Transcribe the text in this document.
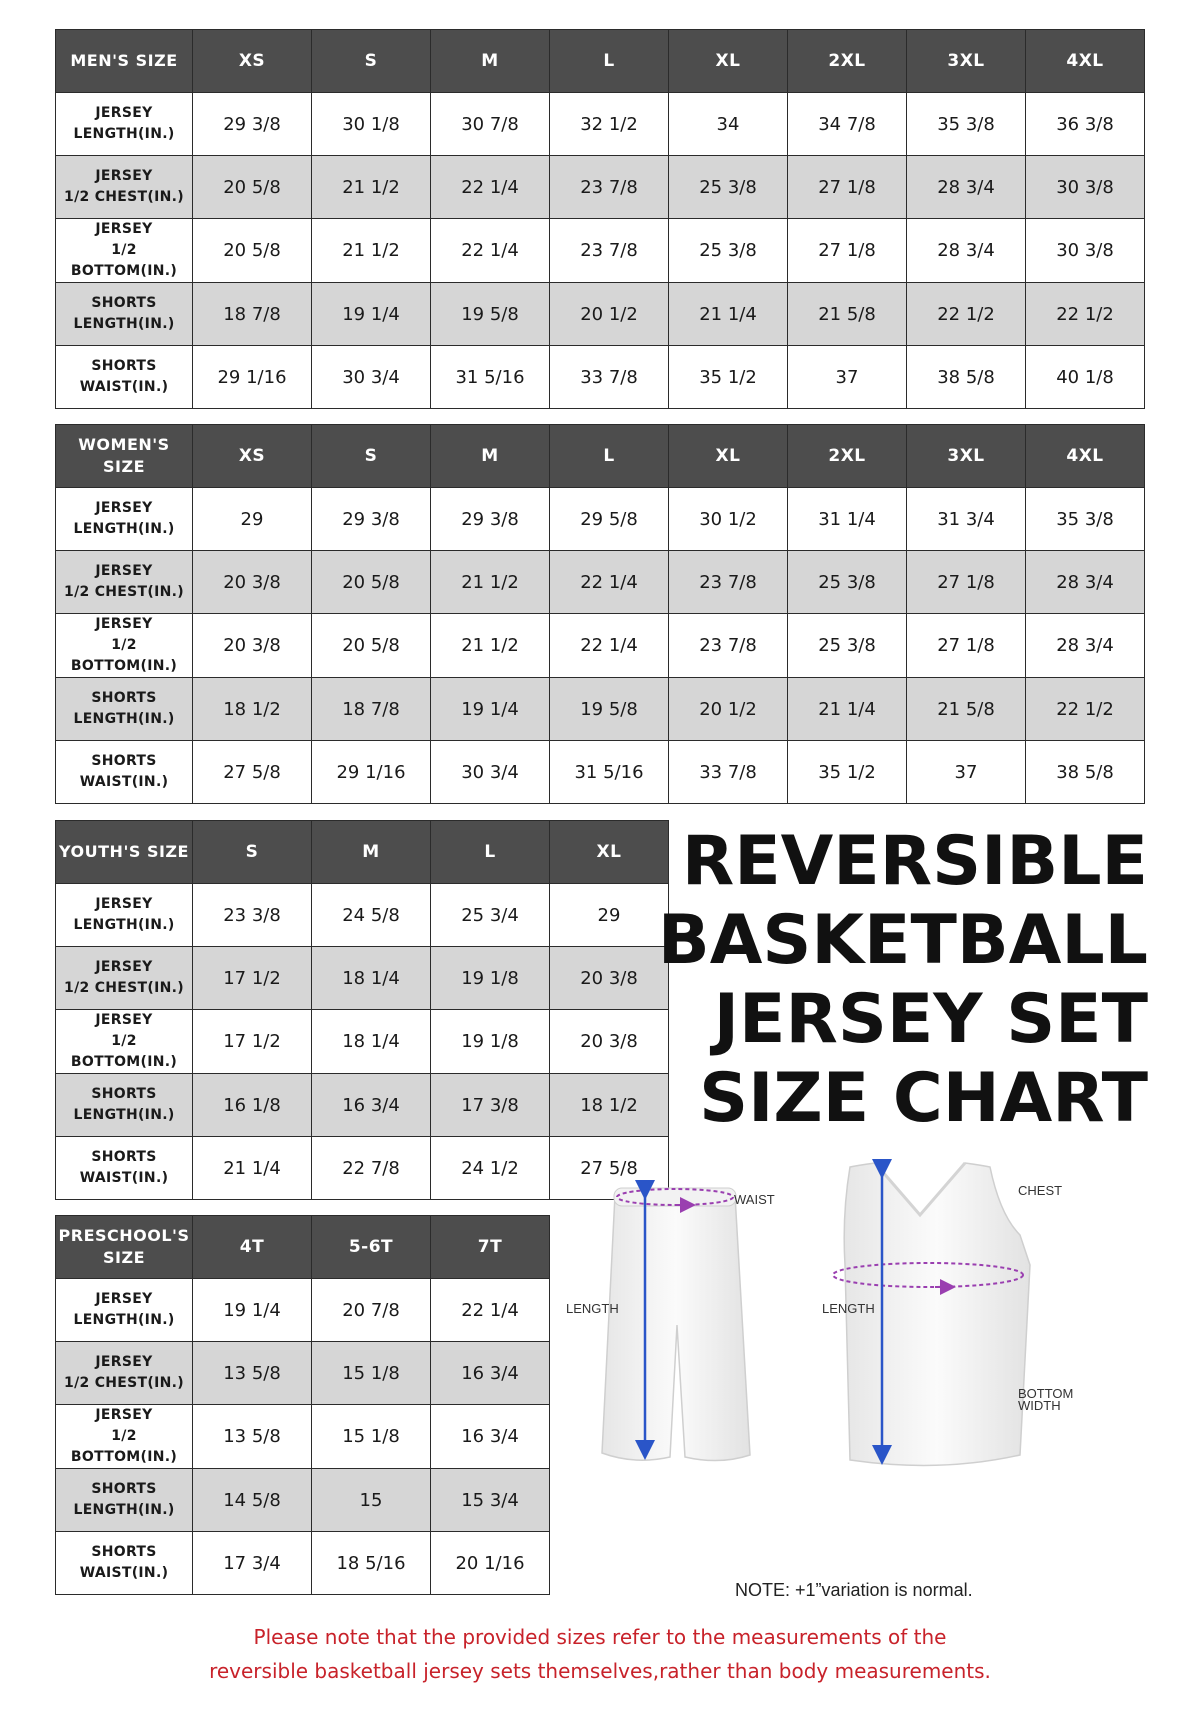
MEN'S SIZE	XS	S	M	L	XL	2XL	3XL	4XL
JERSEY
LENGTH(IN.)	29 3/8	30 1/8	30 7/8	32 1/2	34	34 7/8	35 3/8	36 3/8
JERSEY
1/2 CHEST(IN.)	20 5/8	21 1/2	22 1/4	23 7/8	25 3/8	27 1/8	28 3/4	30 3/8
JERSEY
1/2 BOTTOM(IN.)	20 5/8	21 1/2	22 1/4	23 7/8	25 3/8	27 1/8	28 3/4	30 3/8
SHORTS
LENGTH(IN.)	18 7/8	19 1/4	19 5/8	20 1/2	21 1/4	21 5/8	22 1/2	22 1/2
SHORTS
WAIST(IN.)	29 1/16	30 3/4	31 5/16	33 7/8	35 1/2	37	38 5/8	40 1/8
WOMEN'S SIZE	XS	S	M	L	XL	2XL	3XL	4XL
JERSEY
LENGTH(IN.)	29	29 3/8	29 3/8	29 5/8	30 1/2	31 1/4	31 3/4	35 3/8
JERSEY
1/2 CHEST(IN.)	20 3/8	20 5/8	21 1/2	22 1/4	23 7/8	25 3/8	27 1/8	28 3/4
JERSEY
1/2 BOTTOM(IN.)	20 3/8	20 5/8	21 1/2	22 1/4	23 7/8	25 3/8	27 1/8	28 3/4
SHORTS
LENGTH(IN.)	18 1/2	18 7/8	19 1/4	19 5/8	20 1/2	21 1/4	21 5/8	22 1/2
SHORTS
WAIST(IN.)	27 5/8	29 1/16	30 3/4	31 5/16	33 7/8	35 1/2	37	38 5/8
YOUTH'S SIZE	S	M	L	XL
JERSEY
LENGTH(IN.)	23 3/8	24 5/8	25 3/4	29
JERSEY
1/2 CHEST(IN.)	17 1/2	18 1/4	19 1/8	20 3/8
JERSEY
1/2 BOTTOM(IN.)	17 1/2	18 1/4	19 1/8	20 3/8
SHORTS
LENGTH(IN.)	16 1/8	16 3/4	17 3/8	18 1/2
SHORTS
WAIST(IN.)	21 1/4	22 7/8	24 1/2	27 5/8
PRESCHOOL'S
SIZE	4T	5-6T	7T
JERSEY
LENGTH(IN.)	19 1/4	20 7/8	22 1/4
JERSEY
1/2 CHEST(IN.)	13 5/8	15 1/8	16 3/4
JERSEY
1/2 BOTTOM(IN.)	13 5/8	15 1/8	16 3/4
SHORTS
LENGTH(IN.)	14 5/8	15	15 3/4
SHORTS
WAIST(IN.)	17 3/4	18 5/16	20 1/16
REVERSIBLE
BASKETBALL
JERSEY SET
SIZE CHART
WAIST
LENGTH
CHEST
LENGTH
BOTTOM
WIDTH
NOTE: +1”variation is normal.
Please note that the provided sizes refer to the measurements of the
reversible basketball jersey sets themselves,rather than body measurements.
